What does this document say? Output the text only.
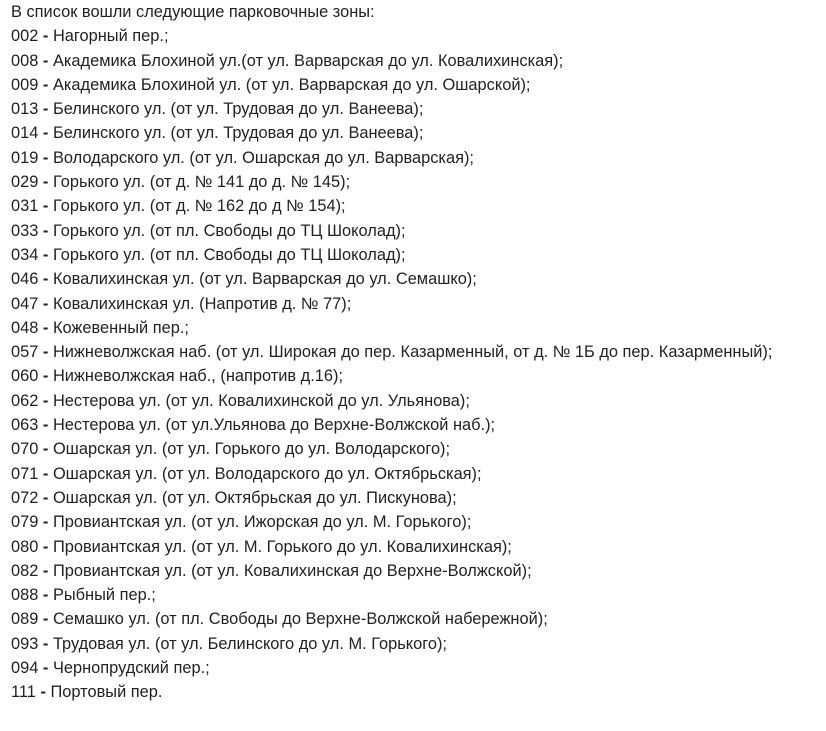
В список вошли следующие парковочные зоны:
002 - Нагорный пер.;
008 - Академика Блохиной ул.(от ул. Варварская до ул. Ковалихинская);
009 - Академика Блохиной ул. (от ул. Варварская до ул. Ошарской);
013 - Белинского ул. (от ул. Трудовая до ул. Ванеева);
014 - Белинского ул. (от ул. Трудовая до ул. Ванеева);
019 - Володарского ул. (от ул. Ошарская до ул. Варварская);
029 - Горького ул. (от д. № 141 до д. № 145);
031 - Горького ул. (от д. № 162 до д № 154);
033 - Горького ул. (от пл. Свободы до ТЦ Шоколад);
034 - Горького ул. (от пл. Свободы до ТЦ Шоколад);
046 - Ковалихинская ул. (от ул. Варварская до ул. Семашко);
047 - Ковалихинская ул. (Напротив д. № 77);
048 - Кожевенный пер.;
057 - Нижневолжская наб. (от ул. Широкая до пер. Казарменный, от д. № 1Б до пер. Казарменный);
060 - Нижневолжская наб., (напротив д.16);
062 - Нестерова ул. (от ул. Ковалихинской до ул. Ульянова);
063 - Нестерова ул. (от ул.Ульянова до Верхне-Волжской наб.);
070 - Ошарская ул. (от ул. Горького до ул. Володарского);
071 - Ошарская ул. (от ул. Володарского до ул. Октябрьская);
072 - Ошарская ул. (от ул. Октябрьская до ул. Пискунова);
079 - Провиантская ул. (от ул. Ижорская до ул. М. Горького);
080 - Провиантская ул. (от ул. М. Горького до ул. Ковалихинская);
082 - Провиантская ул. (от ул. Ковалихинская до Верхне-Волжской);
088 - Рыбный пер.;
089 - Семашко ул. (от пл. Свободы до Верхне-Волжской набережной);
093 - Трудовая ул. (от ул. Белинского до ул. М. Горького);
094 - Чернопрудский пер.;
111 - Портовый пер.
